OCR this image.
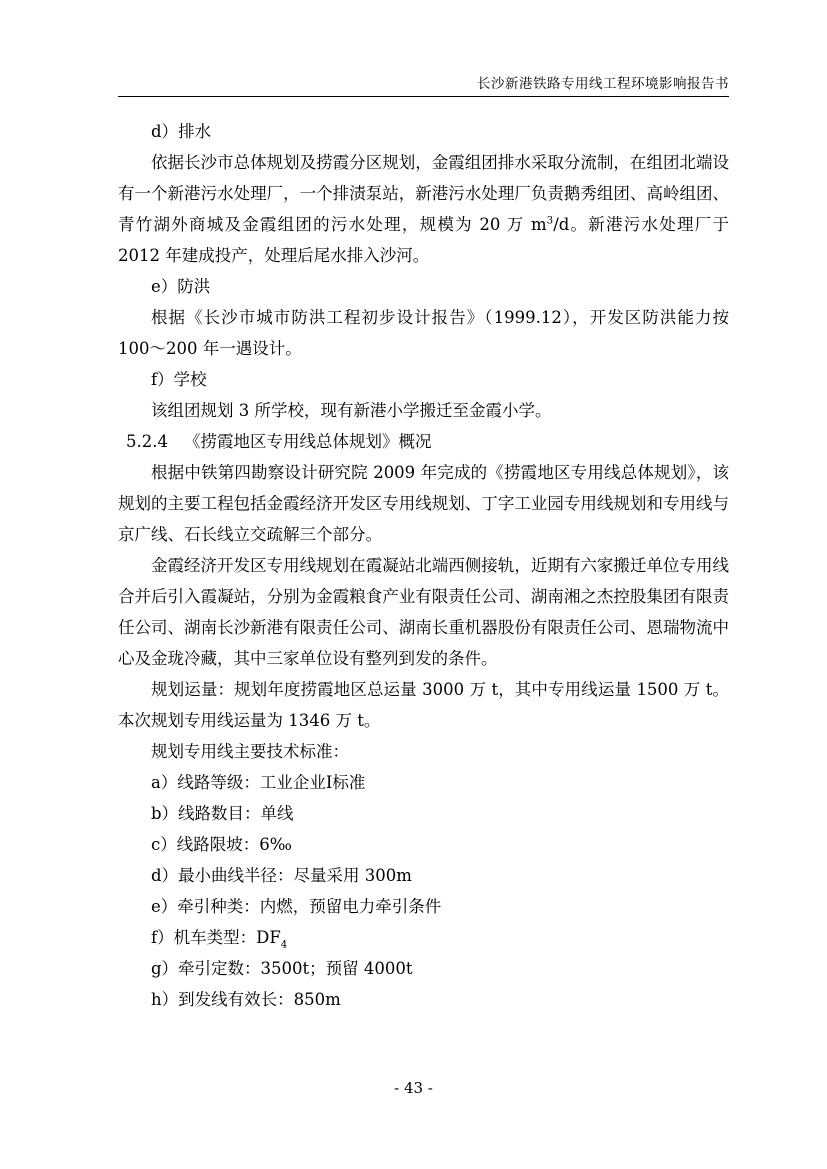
长沙新港铁路专用线工程环境影响报告书

d）排水

依据长沙市总体规划及捞霞分区规划，金霞组团排水采取分流制，在组团北端设有一个新港污水处理厂，一个排渍泵站，新港污水处理厂负责鹅秀组团、高岭组团、青竹湖外商城及金霞组团的污水处理，规模为 20 万 $m^3/d$。新港污水处理厂于 2012 年建成投产，处理后尾水排入沙河。

e）防洪

根据《长沙市城市防洪工程初步设计报告》（1999.12），开发区防洪能力按 100～200 年一遇设计。

f）学校

该组团规划 3 所学校，现有新港小学搬迁至金霞小学。

5.2.4 《捞霞地区专用线总体规划》概况

根据中铁第四勘察设计研究院 2009 年完成的《捞霞地区专用线总体规划》，该规划的主要工程包括金霞经济开发区专用线规划、丁字工业园专用线规划和专用线与京广线、石长线立交疏解三个部分。

金霞经济开发区专用线规划在霞凝站北端西侧接轨，近期有六家搬迁单位专用线合并后引入霞凝站，分别为金霞粮食产业有限责任公司、湖南湘之杰控股集团有限责任公司、湖南长沙新港有限责任公司、湖南长重机器股份有限责任公司、恩瑞物流中心及金珑冷藏，其中三家单位设有整列到发的条件。

规划运量：规划年度捞霞地区总运量 3000 万 t，其中专用线运量 1500 万 t。本次规划专用线运量为 1346 万 t。

规划专用线主要技术标准：

a）线路等级：工业企业Ⅰ标准

b）线路数目：单线

c）线路限坡：6‰

d）最小曲线半径：尽量采用 300m

e）牵引种类：内燃，预留电力牵引条件

f）机车类型：$DF_4$

g）牵引定数：3500t；预留 4000t

h）到发线有效长：850m

- 43 -
